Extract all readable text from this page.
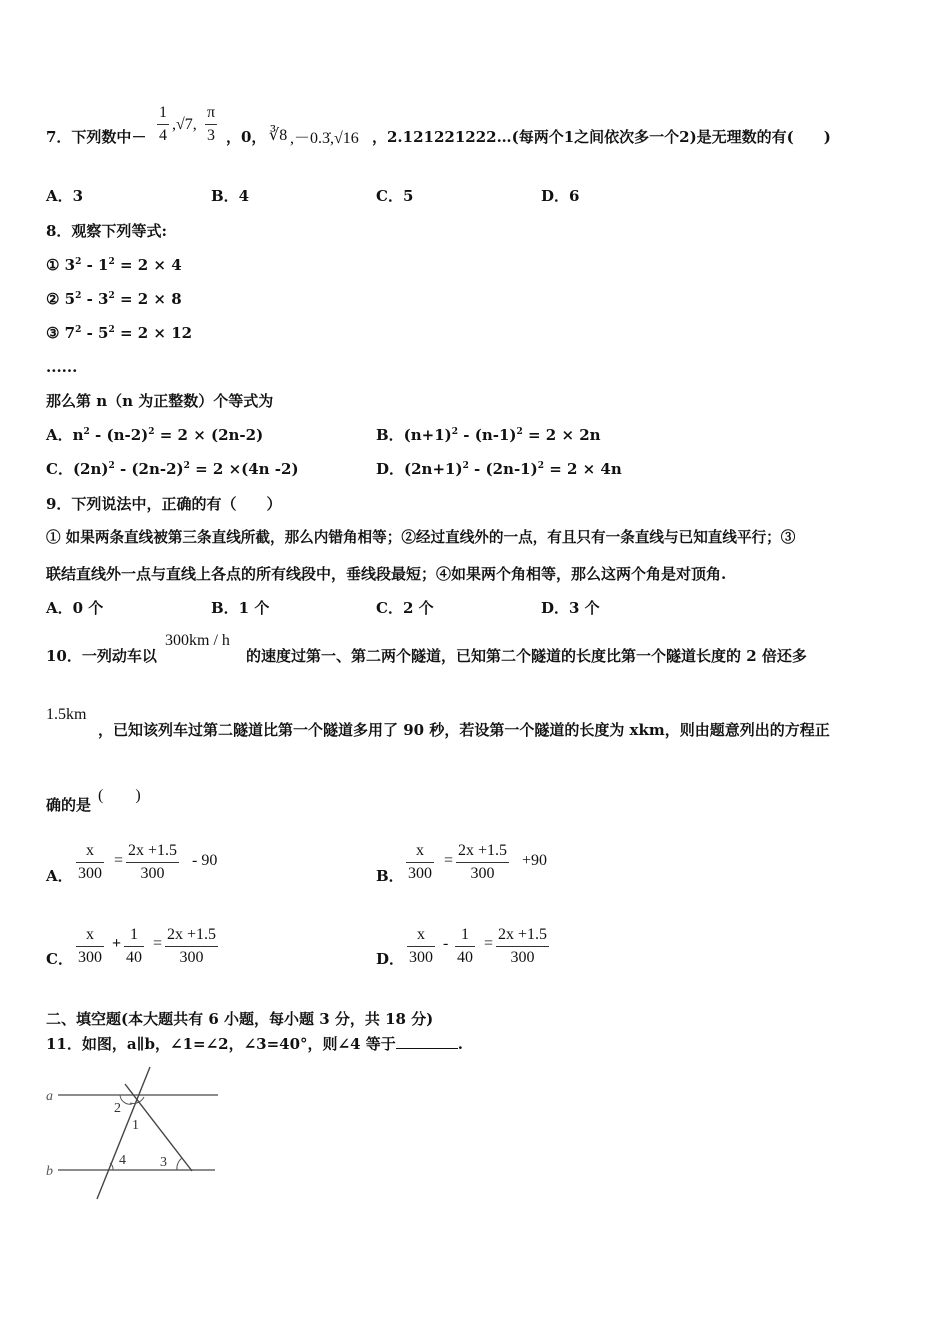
7．下列数中－ $\frac{1}{4} ,√7$, $\frac{\pi}{3}$ ，0， ∛8 ,－0.3̇,√16 ，2.121221222…(每两个1之间依次多一个2)是无理数的有(　　)
A．3	B．4	C．5	D．6
8．观察下列等式:
① $3^2 - 1^2 = 2 \times 4$
② $5^2 - 3^2 = 2 \times 8$
③ $7^2 - 5^2 = 2 \times 12$
......
那么第 n（n 为正整数）个等式为
A．$n^2 - (n-2)^2 = 2 \times (2n-2)$	B．$(n+1)^2 - (n-1)^2 = 2 \times 2n$
C．$(2n)^2 - (2n-2)^2 = 2 \times(4n$ -2)	D．$(2n+1)^2 - (2n-1)^2 = 2 \times 4n$
9．下列说法中，正确的有（　　）
① 如果两条直线被第三条直线所截，那么内错角相等；②经过直线外的一点，有且只有一条直线与已知直线平行；③
联结直线外一点与直线上各点的所有线段中，垂线段最短；④如果两个角相等，那么这两个角是对顶角.
A．0 个	B．1 个	C．2 个	D．3 个
10．一列动车以
300km / h
的速度过第一、第二两个隧道，已知第二个隧道的长度比第一个隧道长度的 2 倍还多
1.5km
，已知该列车过第二隧道比第一个隧道多用了 90 秒，若设第一个隧道的长度为 xkm，则由题意列出的方程正
确的是
(　　)
A． $\frac{x}{300} = \frac{2x +1.5}{300} - 90$
B． $\frac{x}{300} = \frac{2x +1.5}{300} +90$
C． $\frac{x}{300} + \frac{1}{40} = \frac{2x +1.5}{300}$	D． $\frac{x}{300} - \frac{1}{40} = \frac{2x +1.5}{300}$
二、填空题(本大题共有 6 小题，每小题 3 分，共 18 分)
11．如图，a∥b，∠1=∠2，∠3=40°，则∠4 等于	.
a
b
1
2
3
4
